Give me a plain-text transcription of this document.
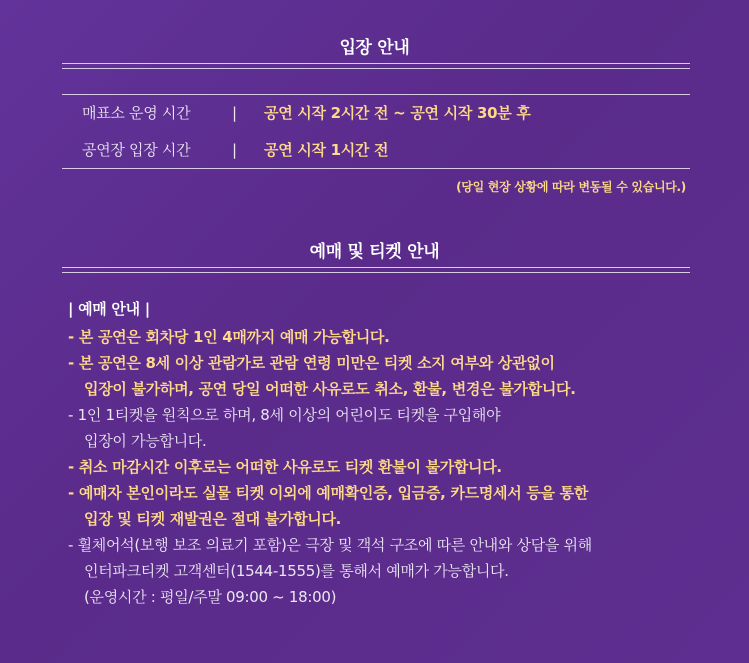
입장 안내
매표소 운영 시간	| 공연 시작 2시간 전 ~ 공연 시작 30분 후
공연장 입장 시간	| 공연 시작 1시간 전
(당일 현장 상황에 따라 변동될 수 있습니다.)
예매 및 티켓 안내
| 예매 안내 |
- 본 공연은 회차당 1인 4매까지 예매 가능합니다.
- 본 공연은 8세 이상 관람가로 관람 연령 미만은 티켓 소지 여부와 상관없이
입장이 불가하며, 공연 당일 어떠한 사유로도 취소, 환불, 변경은 불가합니다.
- 1인 1티켓을 원칙으로 하며, 8세 이상의 어린이도 티켓을 구입해야
입장이 가능합니다.
- 취소 마감시간 이후로는 어떠한 사유로도 티켓 환불이 불가합니다.
- 예매자 본인이라도 실물 티켓 이외에 예매확인증, 입금증, 카드명세서 등을 통한
입장 및 티켓 재발권은 절대 불가합니다.
- 휠체어석(보행 보조 의료기 포함)은 극장 및 객석 구조에 따른 안내와 상담을 위해
인터파크티켓 고객센터(1544-1555)를 통해서 예매가 가능합니다.
(운영시간 : 평일/주말 09:00 ~ 18:00)
